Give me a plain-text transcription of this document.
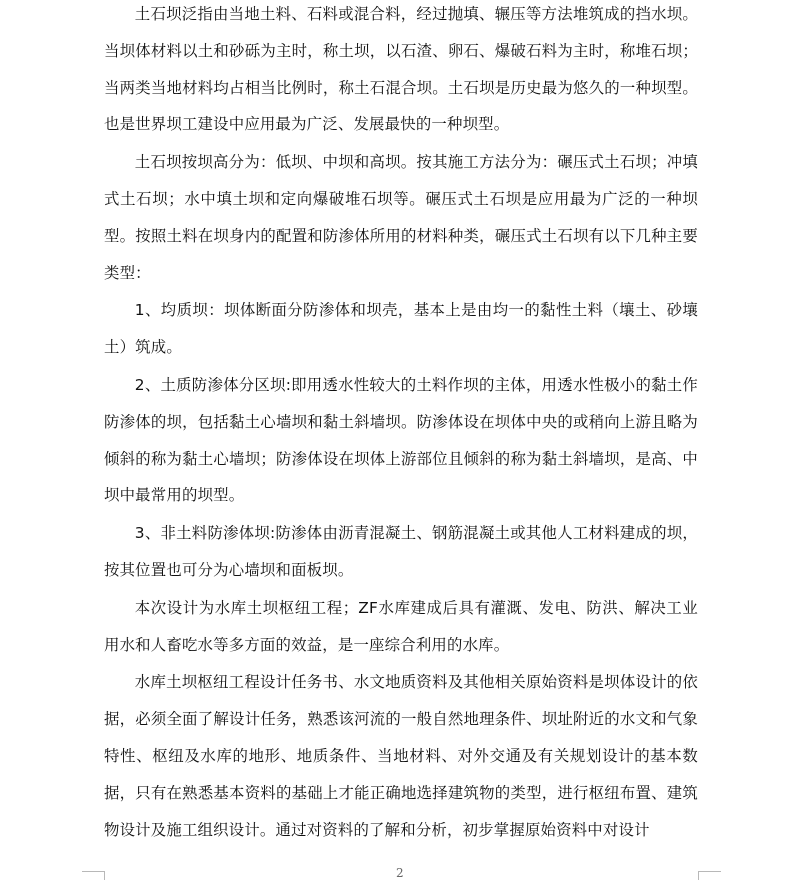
土石坝泛指由当地土料、石料或混合料，经过抛填、辗压等方法堆筑成的挡水坝。当坝体材料以土和砂砾为主时，称土坝，以石渣、卵石、爆破石料为主时，称堆石坝；当两类当地材料均占相当比例时，称土石混合坝。土石坝是历史最为悠久的一种坝型。也是世界坝工建设中应用最为广泛、发展最快的一种坝型。

土石坝按坝高分为：低坝、中坝和高坝。按其施工方法分为：碾压式土石坝；冲填式土石坝；水中填土坝和定向爆破堆石坝等。碾压式土石坝是应用最为广泛的一种坝型。按照土料在坝身内的配置和防渗体所用的材料种类，碾压式土石坝有以下几种主要类型：

1、均质坝：坝体断面分防渗体和坝壳，基本上是由均一的黏性土料（壤土、砂壤土）筑成。

2、土质防渗体分区坝:即用透水性较大的土料作坝的主体，用透水性极小的黏土作防渗体的坝，包括黏土心墙坝和黏土斜墙坝。防渗体设在坝体中央的或稍向上游且略为倾斜的称为黏土心墙坝；防渗体设在坝体上游部位且倾斜的称为黏土斜墙坝，是高、中坝中最常用的坝型。

3、非土料防渗体坝:防渗体由沥青混凝土、钢筋混凝土或其他人工材料建成的坝，按其位置也可分为心墙坝和面板坝。

本次设计为水库土坝枢纽工程；ZF水库建成后具有灌溉、发电、防洪、解决工业用水和人畜吃水等多方面的效益，是一座综合利用的水库。

水库土坝枢纽工程设计任务书、水文地质资料及其他相关原始资料是坝体设计的依据，必须全面了解设计任务，熟悉该河流的一般自然地理条件、坝址附近的水文和气象特性、枢纽及水库的地形、地质条件、当地材料、对外交通及有关规划设计的基本数据，只有在熟悉基本资料的基础上才能正确地选择建筑物的类型，进行枢纽布置、建筑物设计及施工组织设计。通过对资料的了解和分析，初步掌握原始资料中对设计

2
